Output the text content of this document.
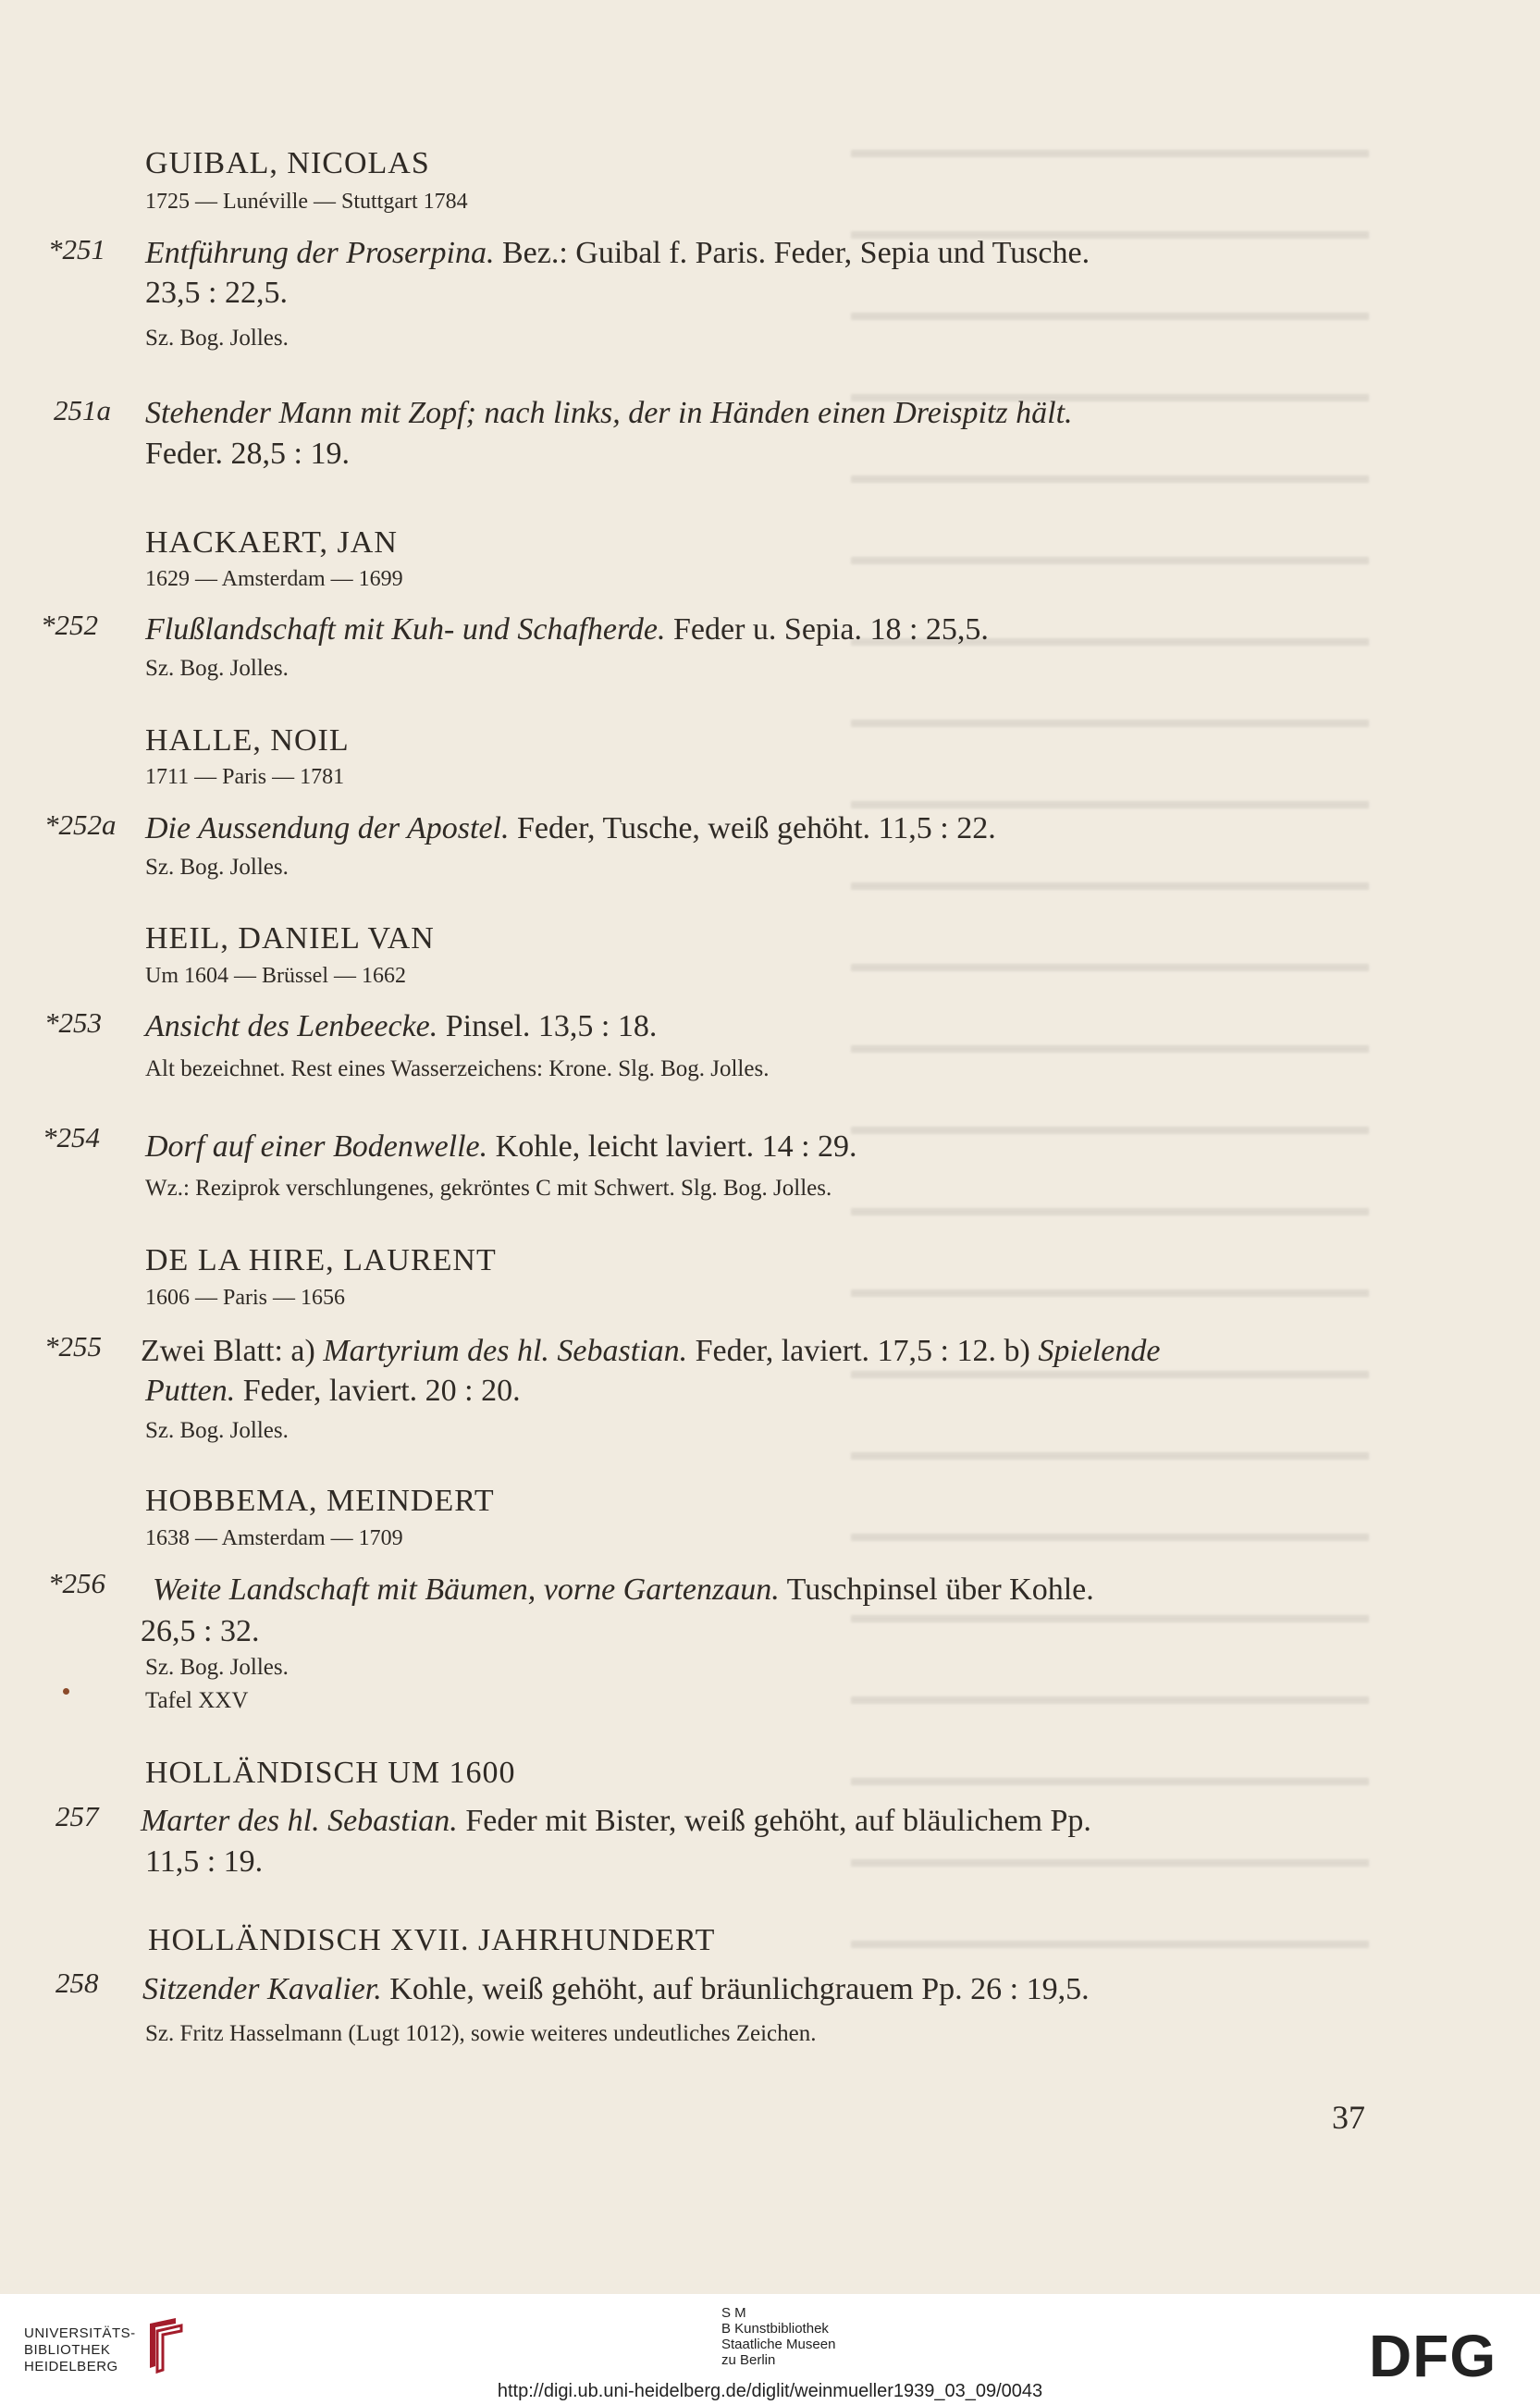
GUIBAL, NICOLAS
1725 — Lunéville — Stuttgart 1784
*251 Entführung der Proserpina. Bez.: Guibal f. Paris. Feder, Sepia und Tusche.
23,5 : 22,5.
Sz. Bog. Jolles.
251a Stehender Mann mit Zopf; nach links, der in Händen einen Dreispitz hält.
Feder. 28,5 : 19.
HACKAERT, JAN
1629 — Amsterdam — 1699
*252 Flußlandschaft mit Kuh- und Schafherde. Feder u. Sepia. 18 : 25,5.
Sz. Bog. Jolles.
HALLE, NOIL
1711 — Paris — 1781
*252a Die Aussendung der Apostel. Feder, Tusche, weiß gehöht. 11,5 : 22.
Sz. Bog. Jolles.
HEIL, DANIEL VAN
Um 1604 — Brüssel — 1662
*253 Ansicht des Lenbeecke. Pinsel. 13,5 : 18.
Alt bezeichnet. Rest eines Wasserzeichens: Krone. Slg. Bog. Jolles.
*254 Dorf auf einer Bodenwelle. Kohle, leicht laviert. 14 : 29.
Wz.: Reziprok verschlungenes, gekröntes C mit Schwert. Slg. Bog. Jolles.
DE LA HIRE, LAURENT
1606 — Paris — 1656
*255 Zwei Blatt: a) Martyrium des hl. Sebastian. Feder, laviert. 17,5 : 12. b) Spielende
Putten. Feder, laviert. 20 : 20.
Sz. Bog. Jolles.
HOBBEMA, MEINDERT
1638 — Amsterdam — 1709
*256 Weite Landschaft mit Bäumen, vorne Gartenzaun. Tuschpinsel über Kohle.
26,5 : 32.
Sz. Bog. Jolles.
Tafel XXV
HOLLÄNDISCH UM 1600
257 Marter des hl. Sebastian. Feder mit Bister, weiß gehöht, auf bläulichem Pp.
11,5 : 19.
HOLLÄNDISCH XVII. JAHRHUNDERT
258 Sitzender Kavalier. Kohle, weiß gehöht, auf bräunlichgrauem Pp. 26 : 19,5.
Sz. Fritz Hasselmann (Lugt 1012), sowie weiteres undeutliches Zeichen.
37
UNIVERSITÄTS-
BIBLIOTHEK
HEIDELBERG
S M
B Kunstbibliothek
Staatliche Museen
zu Berlin	DFG
http://digi.ub.uni-heidelberg.de/diglit/weinmueller1939_03_09/0043
